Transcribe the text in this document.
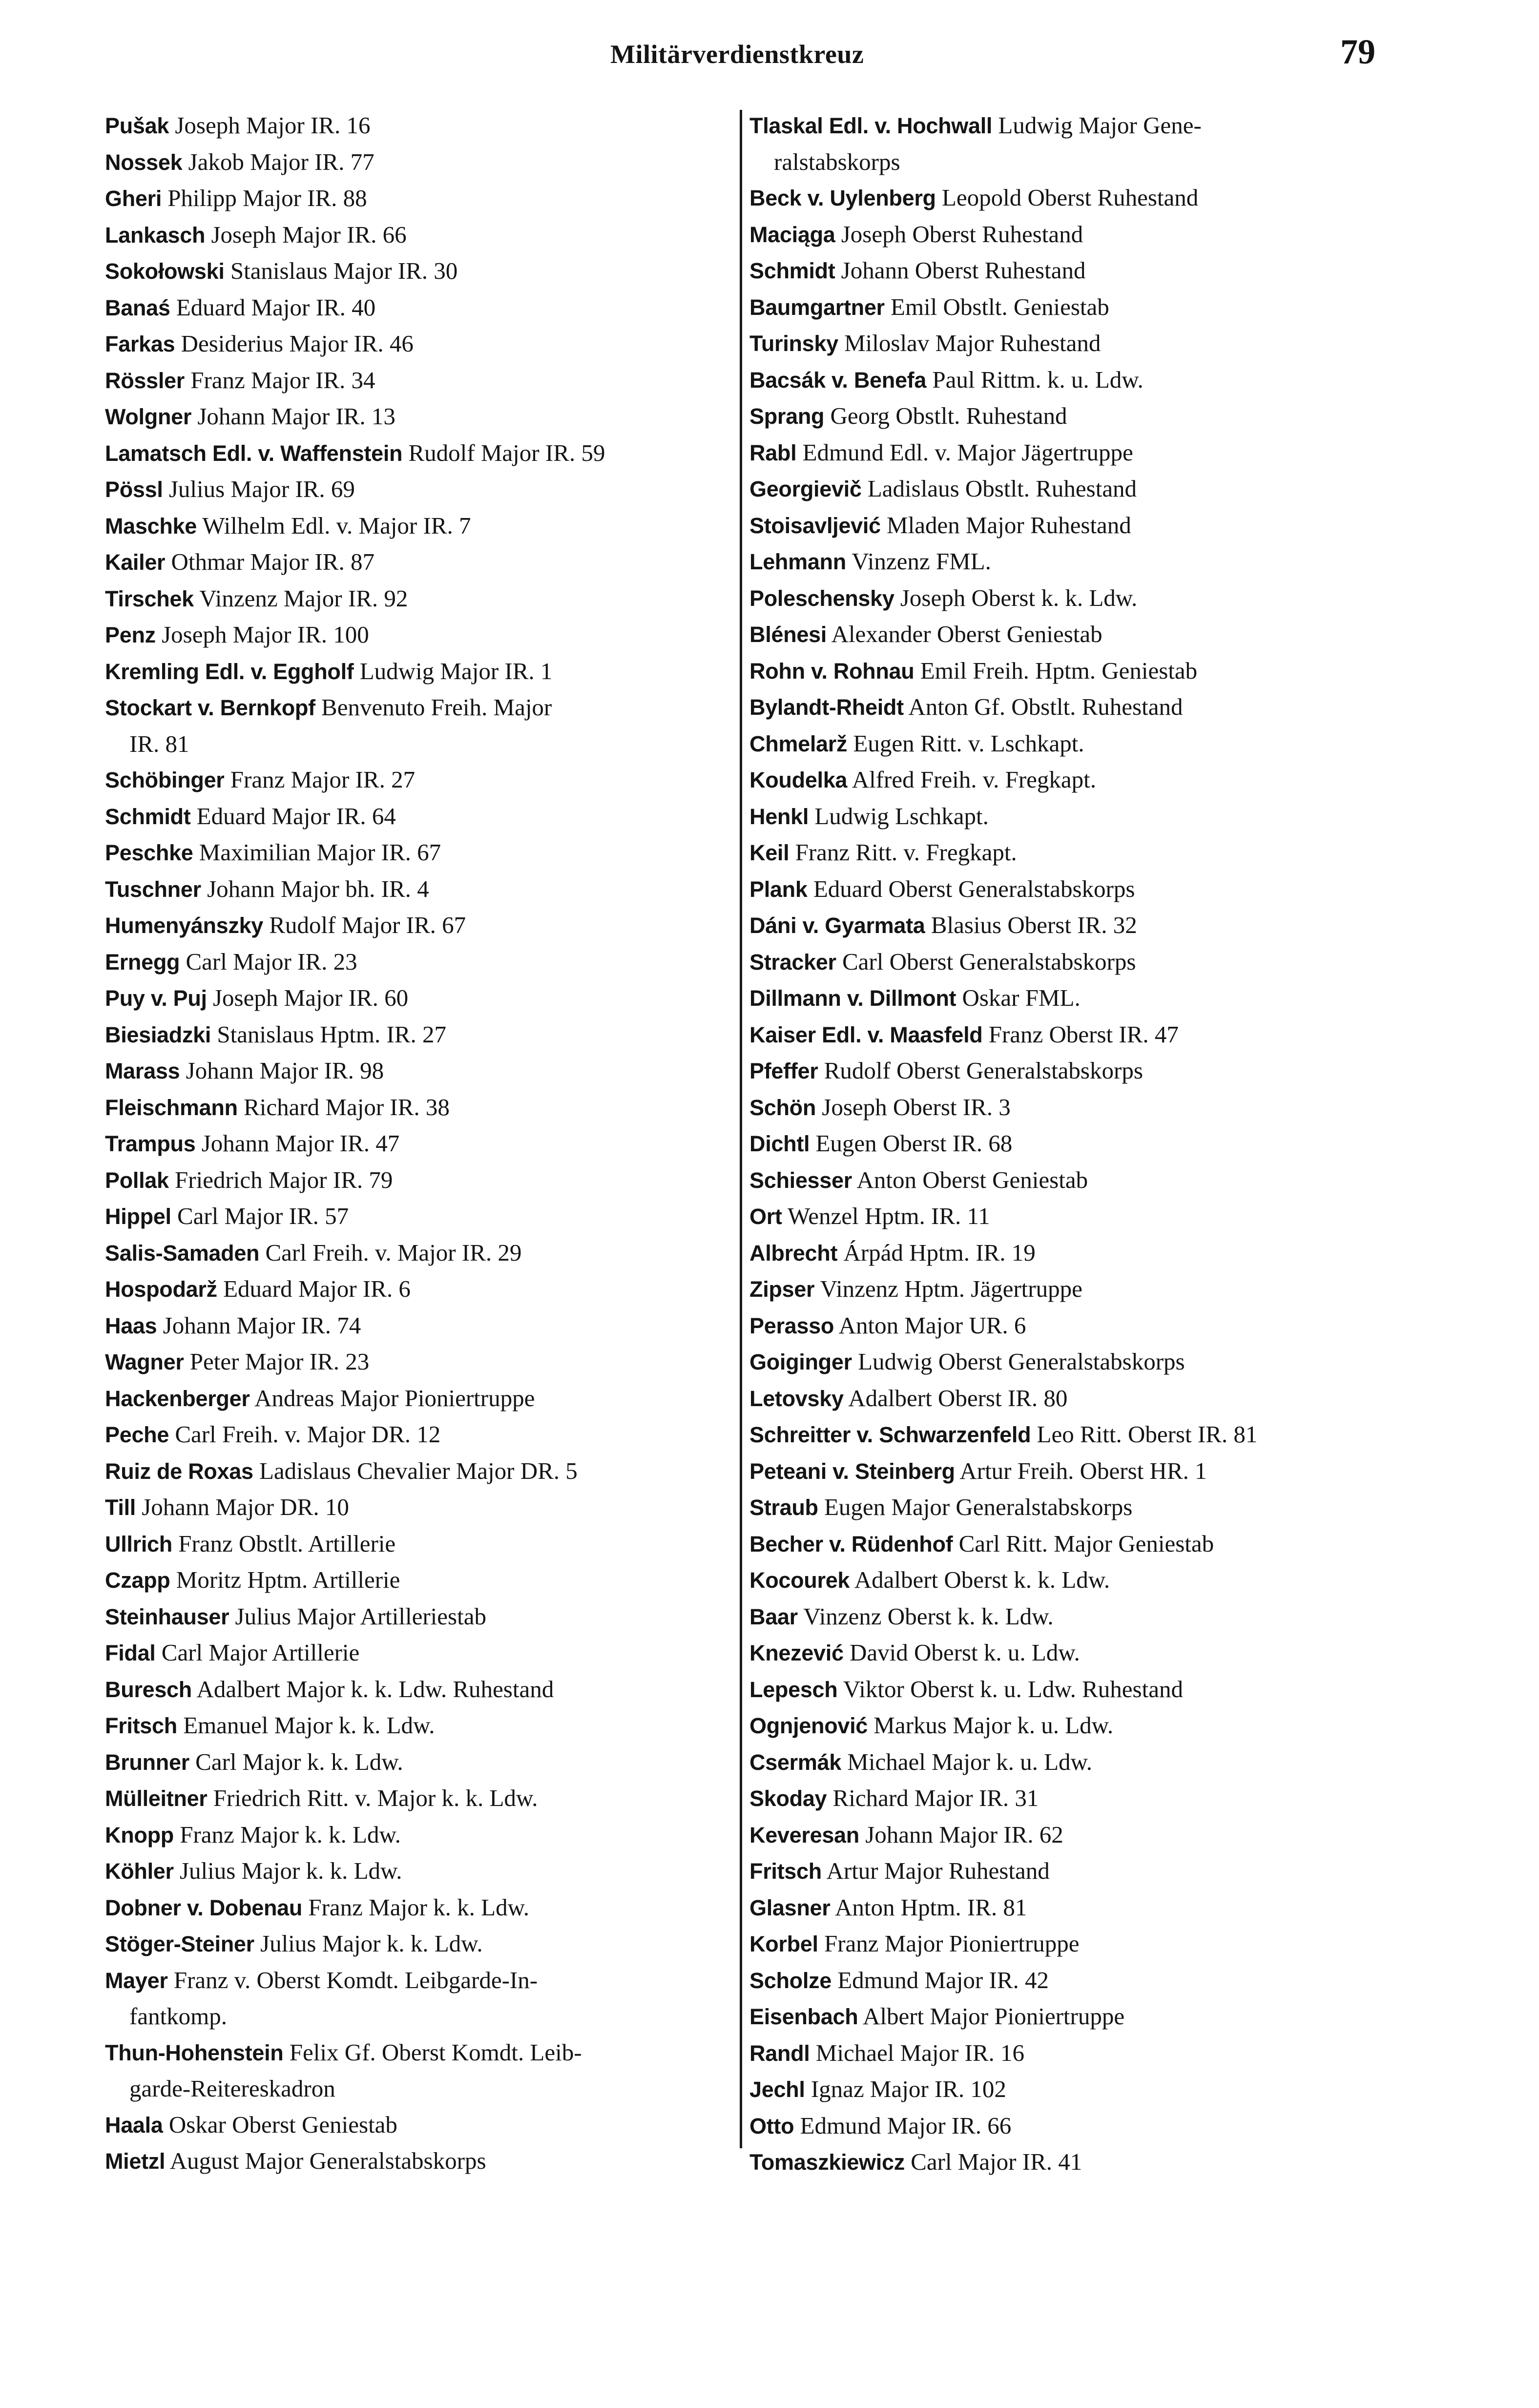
Militärverdienstkreuz	79
Pušak Joseph Major IR. 16
Nossek Jakob Major IR. 77
Gheri Philipp Major IR. 88
Lankasch Joseph Major IR. 66
Sokołowski Stanislaus Major IR. 30
Banaś Eduard Major IR. 40
Farkas Desiderius Major IR. 46
Rössler Franz Major IR. 34
Wolgner Johann Major IR. 13
Lamatsch Edl. v. Waffenstein Rudolf Major IR. 59
Pössl Julius Major IR. 69
Maschke Wilhelm Edl. v. Major IR. 7
Kailer Othmar Major IR. 87
Tirschek Vinzenz Major IR. 92
Penz Joseph Major IR. 100
Kremling Edl. v. Eggholf Ludwig Major IR. 1
Stockart v. Bernkopf Benvenuto Freih. Major
IR. 81
Schöbinger Franz Major IR. 27
Schmidt Eduard Major IR. 64
Peschke Maximilian Major IR. 67
Tuschner Johann Major bh. IR. 4
Humenyánszky Rudolf Major IR. 67
Ernegg Carl Major IR. 23
Puy v. Puj Joseph Major IR. 60
Biesiadzki Stanislaus Hptm. IR. 27
Marass Johann Major IR. 98
Fleischmann Richard Major IR. 38
Trampus Johann Major IR. 47
Pollak Friedrich Major IR. 79
Hippel Carl Major IR. 57
Salis-Samaden Carl Freih. v. Major IR. 29
Hospodarž Eduard Major IR. 6
Haas Johann Major IR. 74
Wagner Peter Major IR. 23
Hackenberger Andreas Major Pioniertruppe
Peche Carl Freih. v. Major DR. 12
Ruiz de Roxas Ladislaus Chevalier Major DR. 5
Till Johann Major DR. 10
Ullrich Franz Obstlt. Artillerie
Czapp Moritz Hptm. Artillerie
Steinhauser Julius Major Artilleriestab
Fidal Carl Major Artillerie
Buresch Adalbert Major k. k. Ldw. Ruhestand
Fritsch Emanuel Major k. k. Ldw.
Brunner Carl Major k. k. Ldw.
Mülleitner Friedrich Ritt. v. Major k. k. Ldw.
Knopp Franz Major k. k. Ldw.
Köhler Julius Major k. k. Ldw.
Dobner v. Dobenau Franz Major k. k. Ldw.
Stöger-Steiner Julius Major k. k. Ldw.
Mayer Franz v. Oberst Komdt. Leibgarde-In-
fantkomp.
Thun-Hohenstein Felix Gf. Oberst Komdt. Leib-
garde-Reitereskadron
Haala Oskar Oberst Geniestab
Mietzl August Major Generalstabskorps
Tlaskal Edl. v. Hochwall Ludwig Major Gene-
ralstabskorps
Beck v. Uylenberg Leopold Oberst Ruhestand
Maciąga Joseph Oberst Ruhestand
Schmidt Johann Oberst Ruhestand
Baumgartner Emil Obstlt. Geniestab
Turinsky Miloslav Major Ruhestand
Bacsák v. Benefa Paul Rittm. k. u. Ldw.
Sprang Georg Obstlt. Ruhestand
Rabl Edmund Edl. v. Major Jägertruppe
Georgievič Ladislaus Obstlt. Ruhestand
Stoisavljević Mladen Major Ruhestand
Lehmann Vinzenz FML.
Poleschensky Joseph Oberst k. k. Ldw.
Blénesi Alexander Oberst Geniestab
Rohn v. Rohnau Emil Freih. Hptm. Geniestab
Bylandt-Rheidt Anton Gf. Obstlt. Ruhestand
Chmelarž Eugen Ritt. v. Lschkapt.
Koudelka Alfred Freih. v. Fregkapt.
Henkl Ludwig Lschkapt.
Keil Franz Ritt. v. Fregkapt.
Plank Eduard Oberst Generalstabskorps
Dáni v. Gyarmata Blasius Oberst IR. 32
Stracker Carl Oberst Generalstabskorps
Dillmann v. Dillmont Oskar FML.
Kaiser Edl. v. Maasfeld Franz Oberst IR. 47
Pfeffer Rudolf Oberst Generalstabskorps
Schön Joseph Oberst IR. 3
Dichtl Eugen Oberst IR. 68
Schiesser Anton Oberst Geniestab
Ort Wenzel Hptm. IR. 11
Albrecht Árpád Hptm. IR. 19
Zipser Vinzenz Hptm. Jägertruppe
Perasso Anton Major UR. 6
Goiginger Ludwig Oberst Generalstabskorps
Letovsky Adalbert Oberst IR. 80
Schreitter v. Schwarzenfeld Leo Ritt. Oberst IR. 81
Peteani v. Steinberg Artur Freih. Oberst HR. 1
Straub Eugen Major Generalstabskorps
Becher v. Rüdenhof Carl Ritt. Major Geniestab
Kocourek Adalbert Oberst k. k. Ldw.
Baar Vinzenz Oberst k. k. Ldw.
Knezević David Oberst k. u. Ldw.
Lepesch Viktor Oberst k. u. Ldw. Ruhestand
Ognjenović Markus Major k. u. Ldw.
Csermák Michael Major k. u. Ldw.
Skoday Richard Major IR. 31
Keveresan Johann Major IR. 62
Fritsch Artur Major Ruhestand
Glasner Anton Hptm. IR. 81
Korbel Franz Major Pioniertruppe
Scholze Edmund Major IR. 42
Eisenbach Albert Major Pioniertruppe
Randl Michael Major IR. 16
Jechl Ignaz Major IR. 102
Otto Edmund Major IR. 66
Tomaszkiewicz Carl Major IR. 41
